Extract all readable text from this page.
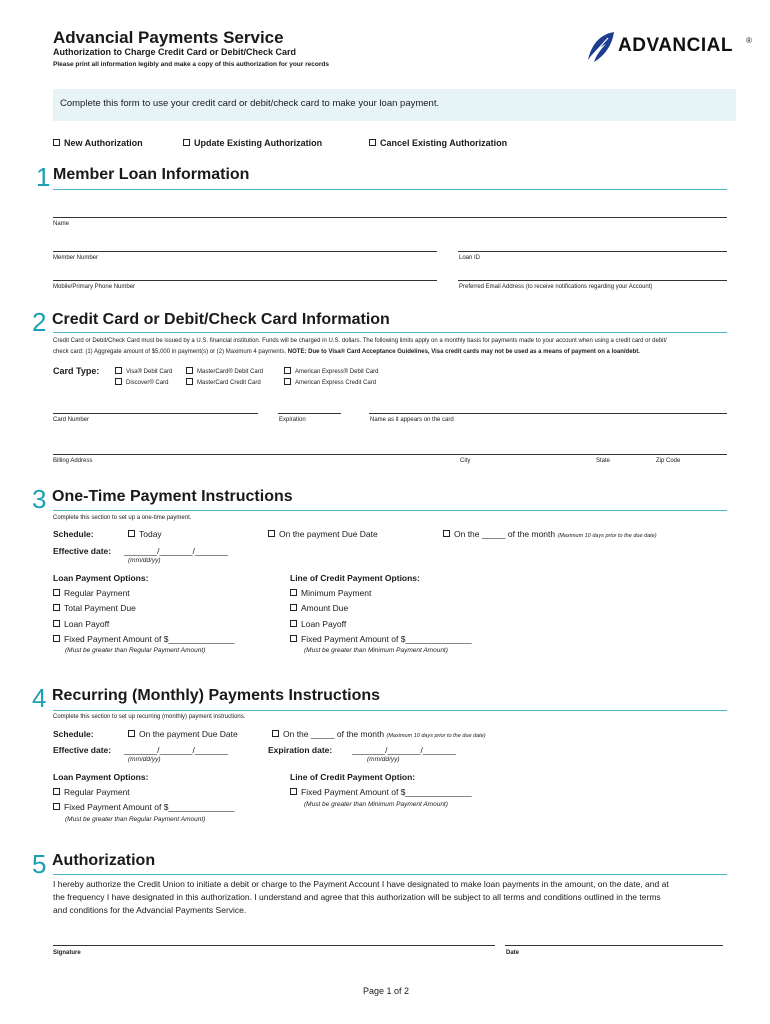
Advancial Payments Service
Authorization to Charge Credit Card or Debit/Check Card
Please print all information legibly and make a copy of this authorization for your records
ADVANCIAL ®
Complete this form to use your credit card or debit/check card to make your loan payment.
New Authorization	Update Existing Authorization	Cancel Existing Authorization
1 Member Loan Information
Name
Member Number	Loan ID
Mobile/Primary Phone Number	Preferred Email Address (to receive notifications regarding your Account)
2 Credit Card or Debit/Check Card Information
Credit Card or Debit/Check Card must be issued by a U.S. financial institution. Funds will be charged in U.S. dollars. The following limits apply on a monthly basis for payments made to your account when using a credit card or debit/
check card: (1) Aggregate amount of $5,000 in payment(s) or (2) Maximum 4 payments. NOTE: Due to Visa® Card Acceptance Guidelines, Visa credit cards may not be used as a means of payment on a loan/debt.
Card Type:	Visa® Debit Card
Discover® Card
MasterCard® Debit Card
MasterCard Credit Card
American Express® Debit Card
American Express Credit Card
Card Number	Expiration	Name as it appears on the card
Billing Address	City	State	Zip Code
3 One-Time Payment Instructions
Complete this section to set up a one-time payment.
Schedule:	Today	On the payment Due Date	On the _____ of the month (Maximum 10 days prior to the due date)
Effective date: _______/_______/_______
(mm/dd/yy)
Loan Payment Options:
Regular Payment
Total Payment Due
Loan Payoff
Fixed Payment Amount of $______________
(Must be greater than Regular Payment Amount)
Line of Credit Payment Options:
Minimum Payment
Amount Due
Loan Payoff
Fixed Payment Amount of $______________
(Must be greater than Minimum Payment Amount)
4 Recurring (Monthly) Payments Instructions
Complete this section to set up recurring (monthly) payment instructions.
Schedule:	On the payment Due Date	On the _____ of the month (Maximum 10 days prior to the due date)
Effective date: _______/_______/_______
(mm/dd/yy)
Expiration date: _______/_______/_______
(mm/dd/yy)
Loan Payment Options:
Regular Payment
Fixed Payment Amount of $______________
(Must be greater than Regular Payment Amount)
Line of Credit Payment Option:
Fixed Payment Amount of $______________
(Must be greater than Minimum Payment Amount)
5 Authorization
I hereby authorize the Credit Union to initiate a debit or charge to the Payment Account I have designated to make loan payments in the amount, on the date, and at
the frequency I have designated in this authorization. I understand and agree that this authorization will be subject to all terms and conditions outlined in the terms
and conditions for the Advancial Payments Service.
Signature	Date
Page 1 of 2
